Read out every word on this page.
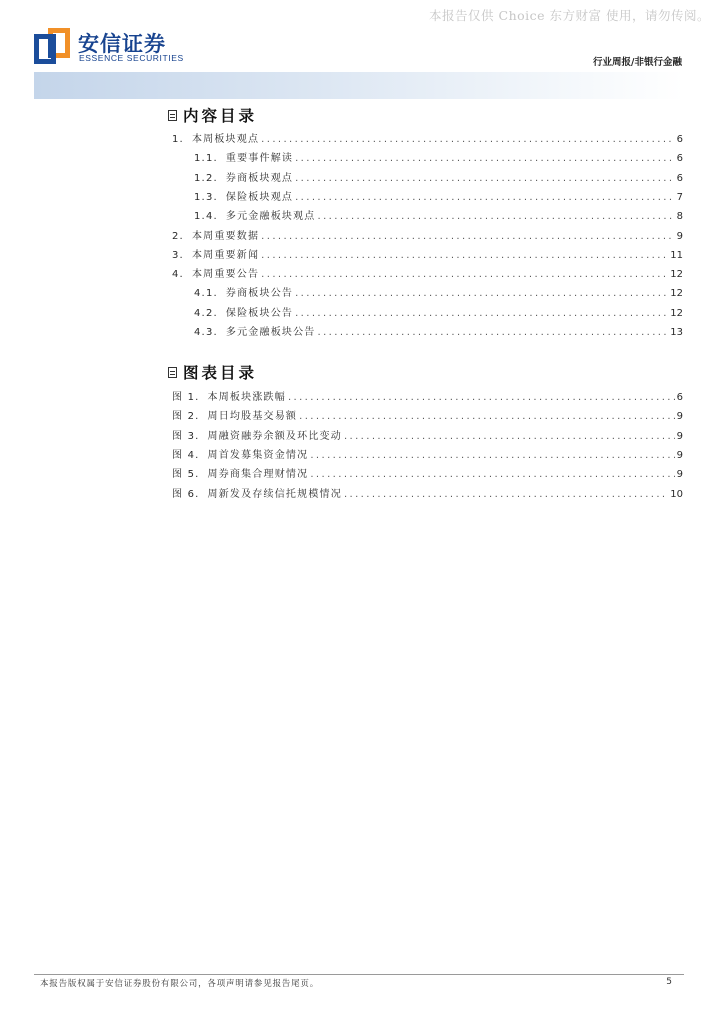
本报告仅供 Choice 东方财富 使用，请勿传阅。
安信证券
ESSENCE SECURITIES	行业周报/非银行金融
内容目录
1. 本周板块观点 .....	6
1.1. 重要事件解读 .....	6
1.2. 券商板块观点 .....	6
1.3. 保险板块观点 .....	7
1.4. 多元金融板块观点 .....	8
2. 本周重要数据 .....	9
3. 本周重要新闻 .....	11
4. 本周重要公告 .....	12
4.1. 券商板块公告 .....	12
4.2. 保险板块公告 .....	12
4.3. 多元金融板块公告 .....	13
图表目录
图 1. 本周板块涨跌幅 .....	6
图 2. 周日均股基交易额 .....	9
图 3. 周融资融券余额及环比变动 .....	9
图 4. 周首发募集资金情况 .....	9
图 5. 周券商集合理财情况 .....	9
图 6. 周新发及存续信托规模情况 .....	10
本报告版权属于安信证券股份有限公司，各项声明请参见报告尾页。	5
